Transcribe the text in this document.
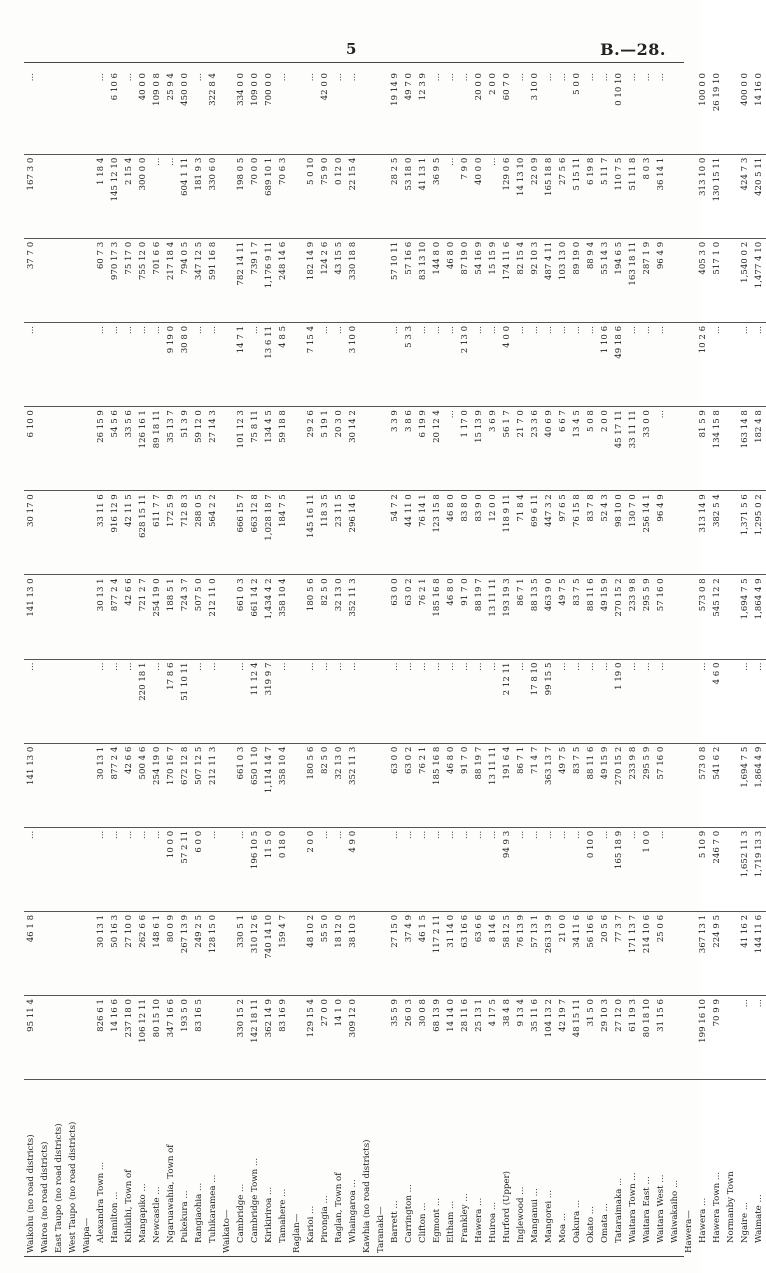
5	B.—28.
Waikohu (no road districts)	95 11 4	46 1 8	...	141 13 0	...	141 13 0	30 17 0	6 10 0	...	37 7 0	167 3 0	...
Wairoa (no road districts)												
East Taupo (no road districts)												
West Taupo (no road districts)												
Waipa—												
Alexandra Town ...	826 6 1	30 13 1	...	30 13 1	...	30 13 1	33 11 6	26 15 9	...	60 7 3	1 18 4	...
Hamilton ...	14 16 6	50 16 3	...	877 2 4	...	877 2 4	916 12 9	54 5 6	...	970 17 3	145 12 10	6 10 6
Kihikihi, Town of	237 18 0	27 10 0	...	42 6 6	...	42 6 6	42 11 5	33 5 6	...	75 17 0	2 15 4	...
Mangapiko ...	106 12 11	262 6 6	...	500 4 6	220 18 1	721 2 7	628 15 11	126 16 1	...	755 12 0	300 0 0	40 0 0
Newcastle ...	80 15 10	148 6 1	...	254 19 0	...	254 19 0	611 7 7	89 18 11	...	701 6 6	...	109 0 8
Ngaruawahia, Town of	347 16 6	80 0 9	10 0 0	170 16 7	17 8 6	188 5 1	172 5 9	35 13 7	9 19 0	217 18 4	...	25 9 4
Pukekura ...	193 5 0	267 13 9	57 2 11	672 12 8	51 10 11	724 3 7	712 8 3	51 3 9	30 8 0	794 0 5	604 1 11	450 0 0
Rangiaohia ...	83 16 5	249 2 5	6 0 0	507 12 5	...	507 5 0	288 0 5	59 12 0	...	347 12 5	181 9 3	...
Tuhikaramea ...		128 15 0	...	212 11 3	...	212 11 0	564 2 2	27 14 3	...	591 16 8	330 6 0	322 8 4
Waikato—												
Cambridge ...	330 15 2	330 5 1	...	661 0 3	...	661 0 3	666 15 7	101 12 3	14 7 1	782 14 11	198 0 5	334 0 0
Cambridge Town ...	142 18 11	310 12 6	196 10 5	650 1 10	11 12 4	661 14 2	663 12 8	75 8 11	...	739 1 7	70 0 0	109 0 0
Kirikiriroa ...	362 14 9	740 14 10	11 5 0	1,114 14 7	319 9 7	1,434 4 2	1,028 18 7	134 4 5	13 6 11	1,176 9 11	689 10 1	700 0 0
Tamahere ...	83 16 9	159 4 7	0 18 0	358 10 4	...	358 10 4	184 7 5	59 18 8	4 8 5	248 14 6	70 6 3	...
Raglan—												
Karioi ...	129 15 4	48 10 2	2 0 0	180 5 6	...	180 5 6	145 16 11	29 2 6	7 15 4	182 14 9	5 0 10	...
Pirongia ...	27 0 0	55 5 0	...	82 5 0	...	82 5 0	118 3 5	5 19 1	...	124 2 6	75 9 0	42 0 0
Raglan, Town of	14 1 0	18 12 0	...	32 13 0	...	32 13 0	23 11 5	20 3 0	...	43 15 5	0 12 0	...
Whaingaroa ...	309 12 0	38 10 3	4 9 0	352 11 3	...	352 11 3	296 14 6	30 14 2	3 10 0	330 18 8	22 15 4	...
Kawhia (no road districts)												
Taranaki—												
Barrett ...	35 5 9	27 15 0	...	63 0 0	...	63 0 0	54 7 2	3 3 9	...	57 10 11	28 2 5	19 14 9
Carrington ...	26 0 3	37 4 9	...	63 0 2	...	63 0 2	44 11 0	3 8 6	5 3 3	57 16 6	53 18 0	49 7 0
Clifton ...	30 0 8	46 1 5	...	76 2 1	...	76 2 1	76 14 1	6 19 9	...	83 13 10	41 13 1	12 3 9
Egmont ...	68 13 9	117 2 11	...	185 16 8	...	185 16 8	123 15 8	20 12 4	...	144 8 0	36 9 5	...
Eltham ...	14 14 0	31 14 0	...	46 8 0	...	46 8 0	46 8 0	...	...	46 8 0	...	...
Frankley ...	28 11 6	63 16 6	...	91 7 0	...	91 7 0	83 8 0	1 17 0	2 13 0	87 19 0	7 9 0	...
Hawera ...	25 13 1	63 6 6	...	88 19 7	...	88 19 7	83 9 0	15 13 9	...	54 16 9	40 0 0	20 0 0
Huiroa ...	4 17 5	8 14 6	...	13 11 11	...	13 11 11	12 0 0	3 6 9	...	15 15 9	...	2 0 0
Hurford (Upper)	38 4 8	58 12 5	94 9 3	191 6 4	2 12 11	193 19 3	118 9 11	56 1 7	4 0 0	174 11 6	129 0 6	60 7 0
Inglewood ...	9 13 4	76 13 9	...	86 7 1	...	86 7 1	71 8 4	21 7 0	...	82 15 4	14 13 10	...
Manganui ...	35 11 6	57 13 1	...	71 4 7	17 8 10	88 13 5	69 6 11	23 3 6	...	92 10 3	22 0 9	3 10 0
Mangorei ...	104 13 2	263 13 9	...	363 13 7	99 15 5	463 9 0	447 3 2	40 6 9	...	487 4 11	165 18 8	...
Moa ...	42 19 7	21 0 0	...	49 7 5	...	49 7 5	97 6 5	6 6 7	...	103 13 0	27 5 6	...
Oakura ...	48 15 11	34 11 6	...	83 7 5	...	83 7 5	76 15 8	13 4 5	...	89 19 0	5 15 11	5 0 0
Okato ...	31 5 0	56 16 6	0 10 0	88 11 6	...	88 11 6	83 7 8	5 0 8	...	88 9 4	6 19 8	...
Omata ...	29 10 3	20 5 6	...	49 15 9	...	49 15 9	52 4 3	2 0 0	1 10 6	55 14 3	5 11 7	...
Tataraimaka ...	27 12 0	77 3 7	165 18 9	270 15 2	1 19 0	270 15 2	98 10 0	45 17 11	49 18 6	194 6 5	110 7 5	0 10 10
Waitara Town ...	61 19 3	171 13 7	...	233 9 8	...	233 9 8	130 7 0	33 11 11	...	163 18 11	51 11 8	...
Waitara East ...	80 18 10	214 10 6	1 0 0	295 5 9	...	295 5 9	256 14 1	33 0 0	...	287 1 9	8 0 3	...
Waitara West ...	31 15 6	25 0 6	...	57 16 0	...	57 16 0	96 4 9	...	...	96 4 9	36 14 1	...
Waiwakaiho ...												
Hawera—												
Hawera ...	199 16 10	367 13 1	5 10 9	573 0 8	...	573 0 8	313 14 9	81 5 9	10 2 6	405 3 0	313 10 0	100 0 0
Hawera Town ...	70 9 9	224 9 5	246 7 0	541 6 2	4 6 0	545 12 2	382 5 4	134 15 8	...	517 1 0	130 15 11	26 19 10
Normanby Town												
Ngaire ...	...	41 16 2	1,652 11 3	1,694 7 5	...	1,694 7 5	1,371 5 6	163 14 8	...	1,540 0 2	424 7 3	400 0 0
Waimate ...	...	144 11 6	1,719 13 3	1,864 4 9	...	1,864 4 9	1,295 0 2	182 4 8	...	1,477 4 10	420 5 11	14 16 0
